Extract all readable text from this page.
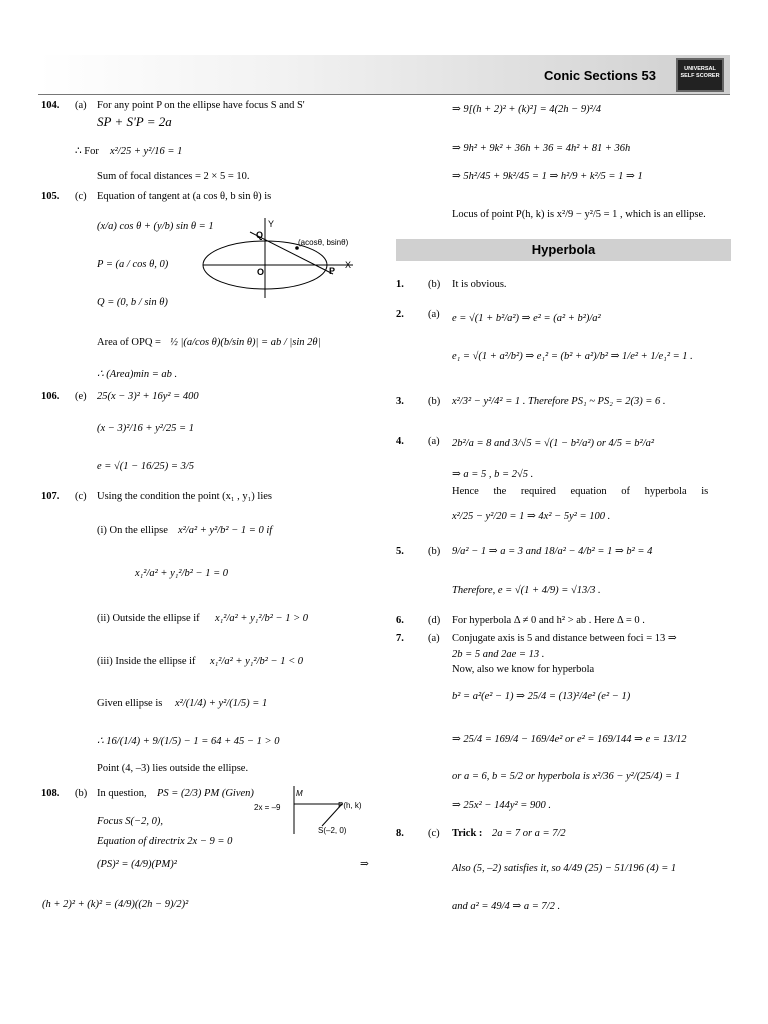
Conic Sections 53	UNIVERSAL
SELF SCORER
104. (a) For any point P on the ellipse have focus S and S'
SP + S'P = 2a
∴ For x²/25 + y²/16 = 1
Sum of focal distances = 2 × 5 = 10.
105. (c) Equation of tangent at (a cos θ, b sin θ) is
(x/a) cos θ + (y/b) sin θ = 1
P = (a / cos θ, 0)
Q = (0, b / sin θ)
Area of OPQ = ½ |(a/cos θ)(b/sin θ)| = ab / |sin 2θ|
∴ (Area)min = ab .
(acosθ, bsinθ)
Q
O	P
X
Y
106. (e) 25(x − 3)² + 16y² = 400
(x − 3)²/16 + y²/25 = 1
e = √(1 − 16/25) = 3/5
107. (c) Using the condition the point (x₁ , y₁) lies
(i) On the ellipse x²/a² + y²/b² − 1 = 0 if
x₁²/a² + y₁²/b² − 1 = 0
(ii) Outside the ellipse if x₁²/a² + y₁²/b² − 1 > 0
(iii) Inside the ellipse if x₁²/a² + y₁²/b² − 1 < 0
Given ellipse is x²/(1/4) + y²/(1/5) = 1
∴ 16/(1/4) + 9/(1/5) − 1 = 64 + 45 − 1 > 0
Point (4, –3) lies outside the ellipse.
108. (b) In question, PS = (2/3) PM (Given)
Focus S(−2, 0),
Equation of directrix 2x − 9 = 0
(PS)² = (4/9)(PM)²	⇒
(h + 2)² + (k)² = (4/9)((2h − 9)/2)²
2x = –9
M
P(h, k)
S(–2, 0)
⇒ 9[(h + 2)² + (k)²] = 4(2h − 9)²/4
⇒ 9h² + 9k² + 36h + 36 = 4h² + 81 + 36h
⇒ 5h²/45 + 9k²/45 = 1 ⇒ h²/9 + k²/5 = 1 ⇒ 1
Locus of point P(h, k) is x²/9 − y²/5 = 1 , which is an ellipse.
Hyperbola
1. (b) It is obvious.
2. (a) e = √(1 + b²/a²) ⇒ e² = (a² + b²)/a²
e₁ = √(1 + a²/b²) ⇒ e₁² = (b² + a²)/b² ⇒ 1/e² + 1/e₁² = 1 .
3. (b) x²/3² − y²/4² = 1 . Therefore PS₁ ~ PS₂ = 2(3) = 6 .
4. (a) 2b²/a = 8 and 3/√5 = √(1 − b²/a²) or 4/5 = b²/a²
⇒ a = 5 , b = 2√5 .
Hence the required equation of hyperbola is
x²/25 − y²/20 = 1 ⇒ 4x² − 5y² = 100 .
5. (b) 9/a² − 1 ⇒ a = 3 and 18/a² − 4/b² = 1 ⇒ b² = 4
Therefore, e = √(1 + 4/9) = √13/3 .
6. (d) For hyperbola Δ ≠ 0 and h² > ab . Here Δ = 0 .
7. (a) Conjugate axis is 5 and distance between foci = 13 ⇒
2b = 5 and 2ae = 13 .
Now, also we know for hyperbola
b² = a²(e² − 1) ⇒ 25/4 = (13)²/4e² (e² − 1)
⇒ 25/4 = 169/4 − 169/4e² or e² = 169/144 ⇒ e = 13/12
or a = 6, b = 5/2 or hyperbola is x²/36 − y²/(25/4) = 1
⇒ 25x² − 144y² = 900 .
8. (c) Trick : 2a = 7 or a = 7/2
Also (5, –2) satisfies it, so 4/49 (25) − 51/196 (4) = 1
and a² = 49/4 ⇒ a = 7/2 .
